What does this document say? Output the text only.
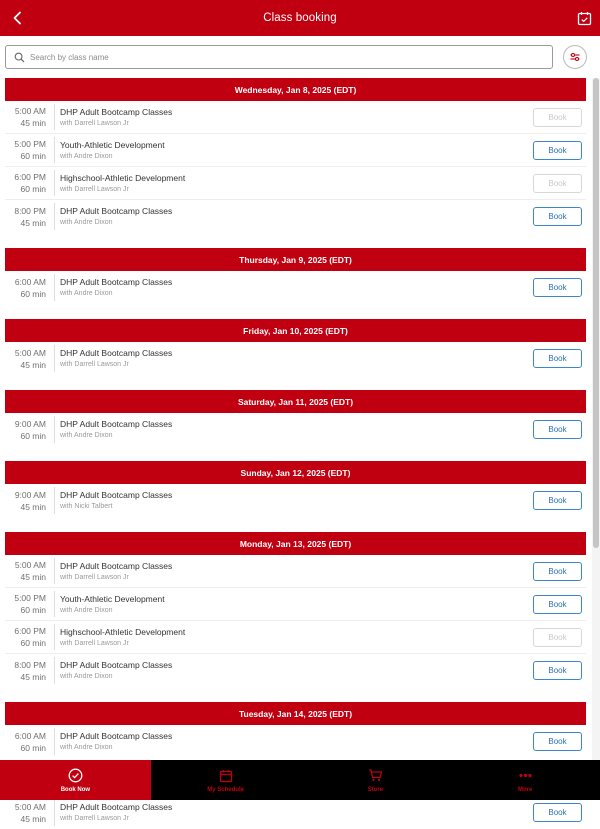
Class booking
Search by class name
Wednesday, Jan 8, 2025 (EDT)
5:00 AM
45 min
DHP Adult Bootcamp Classes
with Darrell Lawson Jr
Book
5:00 PM
60 min
Youth-Athletic Development
with Andre Dixon
Book
6:00 PM
60 min
Highschool-Athletic Development
with Darrell Lawson Jr
Book
8:00 PM
45 min
DHP Adult Bootcamp Classes
with Andre Dixon
Book
Thursday, Jan 9, 2025 (EDT)
6:00 AM
60 min
DHP Adult Bootcamp Classes
with Andre Dixon
Book
Friday, Jan 10, 2025 (EDT)
5:00 AM
45 min
DHP Adult Bootcamp Classes
with Darrell Lawson Jr
Book
Saturday, Jan 11, 2025 (EDT)
9:00 AM
60 min
DHP Adult Bootcamp Classes
with Andre Dixon
Book
Sunday, Jan 12, 2025 (EDT)
9:00 AM
45 min
DHP Adult Bootcamp Classes
with Nicki Talbert
Book
Monday, Jan 13, 2025 (EDT)
5:00 AM
45 min
DHP Adult Bootcamp Classes
with Darrell Lawson Jr
Book
5:00 PM
60 min
Youth-Athletic Development
with Andre Dixon
Book
6:00 PM
60 min
Highschool-Athletic Development
with Darrell Lawson Jr
Book
8:00 PM
45 min
DHP Adult Bootcamp Classes
with Andre Dixon
Book
Tuesday, Jan 14, 2025 (EDT)
6:00 AM
60 min
DHP Adult Bootcamp Classes
with Andre Dixon
Book
5:00 AM
45 min
DHP Adult Bootcamp Classes
with Darrell Lawson Jr
Book
Book Now	My Schedule	Store	More
